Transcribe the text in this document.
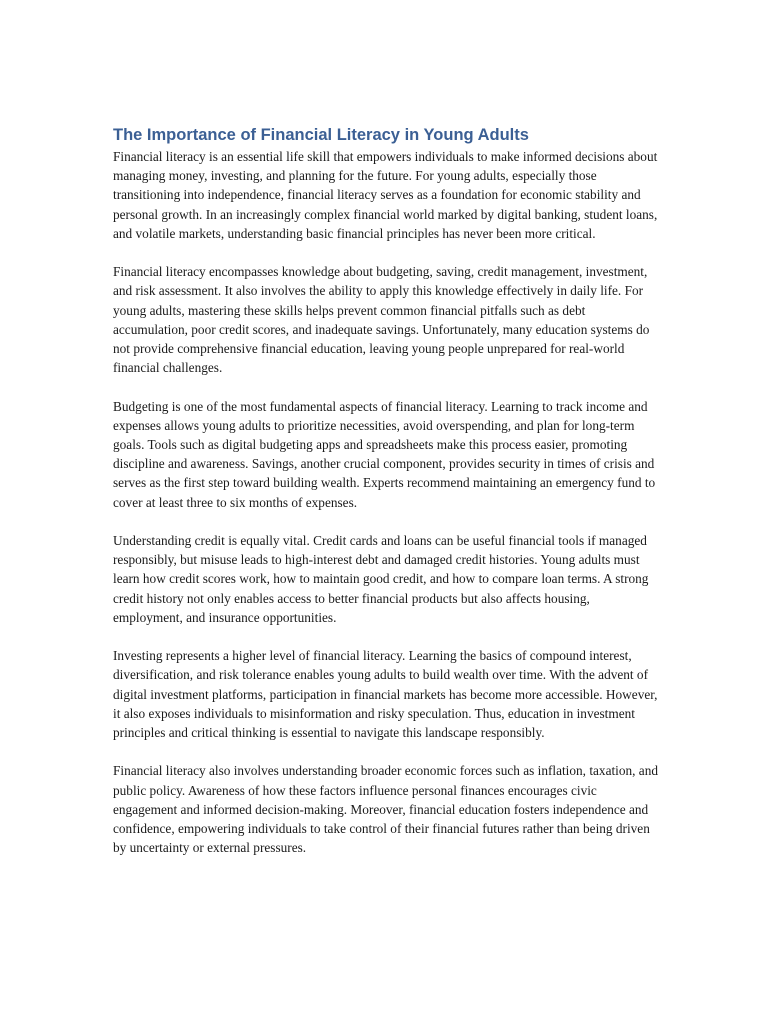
The Importance of Financial Literacy in Young Adults

Financial literacy is an essential life skill that empowers individuals to make informed decisions about managing money, investing, and planning for the future. For young adults, especially those transitioning into independence, financial literacy serves as a foundation for economic stability and personal growth. In an increasingly complex financial world marked by digital banking, student loans, and volatile markets, understanding basic financial principles has never been more critical.

Financial literacy encompasses knowledge about budgeting, saving, credit management, investment, and risk assessment. It also involves the ability to apply this knowledge effectively in daily life. For young adults, mastering these skills helps prevent common financial pitfalls such as debt accumulation, poor credit scores, and inadequate savings. Unfortunately, many education systems do not provide comprehensive financial education, leaving young people unprepared for real-world financial challenges.

Budgeting is one of the most fundamental aspects of financial literacy. Learning to track income and expenses allows young adults to prioritize necessities, avoid overspending, and plan for long-term goals. Tools such as digital budgeting apps and spreadsheets make this process easier, promoting discipline and awareness. Savings, another crucial component, provides security in times of crisis and serves as the first step toward building wealth. Experts recommend maintaining an emergency fund to cover at least three to six months of expenses.

Understanding credit is equally vital. Credit cards and loans can be useful financial tools if managed responsibly, but misuse leads to high-interest debt and damaged credit histories. Young adults must learn how credit scores work, how to maintain good credit, and how to compare loan terms. A strong credit history not only enables access to better financial products but also affects housing, employment, and insurance opportunities.

Investing represents a higher level of financial literacy. Learning the basics of compound interest, diversification, and risk tolerance enables young adults to build wealth over time. With the advent of digital investment platforms, participation in financial markets has become more accessible. However, it also exposes individuals to misinformation and risky speculation. Thus, education in investment principles and critical thinking is essential to navigate this landscape responsibly.

Financial literacy also involves understanding broader economic forces such as inflation, taxation, and public policy. Awareness of how these factors influence personal finances encourages civic engagement and informed decision-making. Moreover, financial education fosters independence and confidence, empowering individuals to take control of their financial futures rather than being driven by uncertainty or external pressures.
